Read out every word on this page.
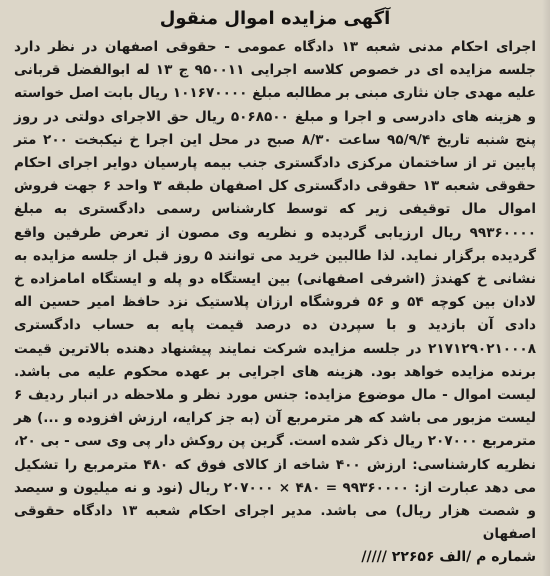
آگهی مزایده اموال منقول

اجرای احکام مدنی شعبه ۱۳ دادگاه عمومی - حقوقی اصفهان در نظر دارد جلسه مزایده ای در خصوص کلاسه اجرایی ۹۵۰۰۱۱ ج ۱۳ له ابوالفضل قربانی علیه مهدی جان نثاری مبنی بر مطالبه مبلغ ۱۰۱۶۷۰۰۰۰ ریال بابت اصل خواسته و هزینه های دادرسی و اجرا و مبلغ ۵۰۶۸۵۰۰ ریال حق الاجرای دولتی در روز پنج شنبه تاریخ ۹۵/۹/۴ ساعت ۸/۳۰ صبح در محل این اجرا خ نیکبخت ۲۰۰ متر پایین تر از ساختمان مرکزی دادگستری جنب بیمه پارسیان دوایر اجرای احکام حقوقی شعبه ۱۳ حقوقی دادگستری کل اصفهان طبقه ۳ واحد ۶ جهت فروش اموال مال توقیفی زیر که توسط کارشناس رسمی دادگستری به مبلغ ۹۹۳۶۰۰۰۰ ریال ارزیابی گردیده و نظریه وی مصون از تعرض طرفین واقع گردیده برگزار نماید. لذا طالبین خرید می توانند ۵ روز قبل از جلسه مزایده به نشانی خ کهندژ (اشرفی اصفهانی) بین ایستگاه دو پله و ایستگاه امامزاده خ لادان بین کوچه ۵۴ و ۵۶ فروشگاه ارزان پلاستیک نزد حافظ امیر حسین اله دادی آن بازدید و با سپردن ده درصد قیمت پایه به حساب دادگستری ۲۱۷۱۲۹۰۲۱۰۰۰۸ در جلسه مزایده شرکت نمایند پیشنهاد دهنده بالاترین قیمت برنده مزایده خواهد بود. هزینه های اجرایی بر عهده محکوم علیه می باشد. لیست اموال - مال موضوع مزایده: جنس مورد نظر و ملاحظه در انبار ردیف ۶ لیست مزبور می باشد که هر مترمربع آن (به جز کرایه، ارزش افزوده و ...) هر مترمربع ۲۰۷۰۰۰ ریال ذکر شده است. گرین پن روکش دار پی وی سی - بی ۲۰، نظریه کارشناسی: ارزش ۴۰۰ شاخه از کالای فوق که ۴۸۰ مترمربع را تشکیل می دهد عبارت از: ۹۹۳۶۰۰۰۰ = ۴۸۰ × ۲۰۷۰۰۰ ریال (نود و نه میلیون و سیصد و شصت هزار ریال) می باشد. مدیر اجرای احکام شعبه ۱۳ دادگاه حقوقی اصفهان

شماره م /الف ۲۲۶۵۶ /////
